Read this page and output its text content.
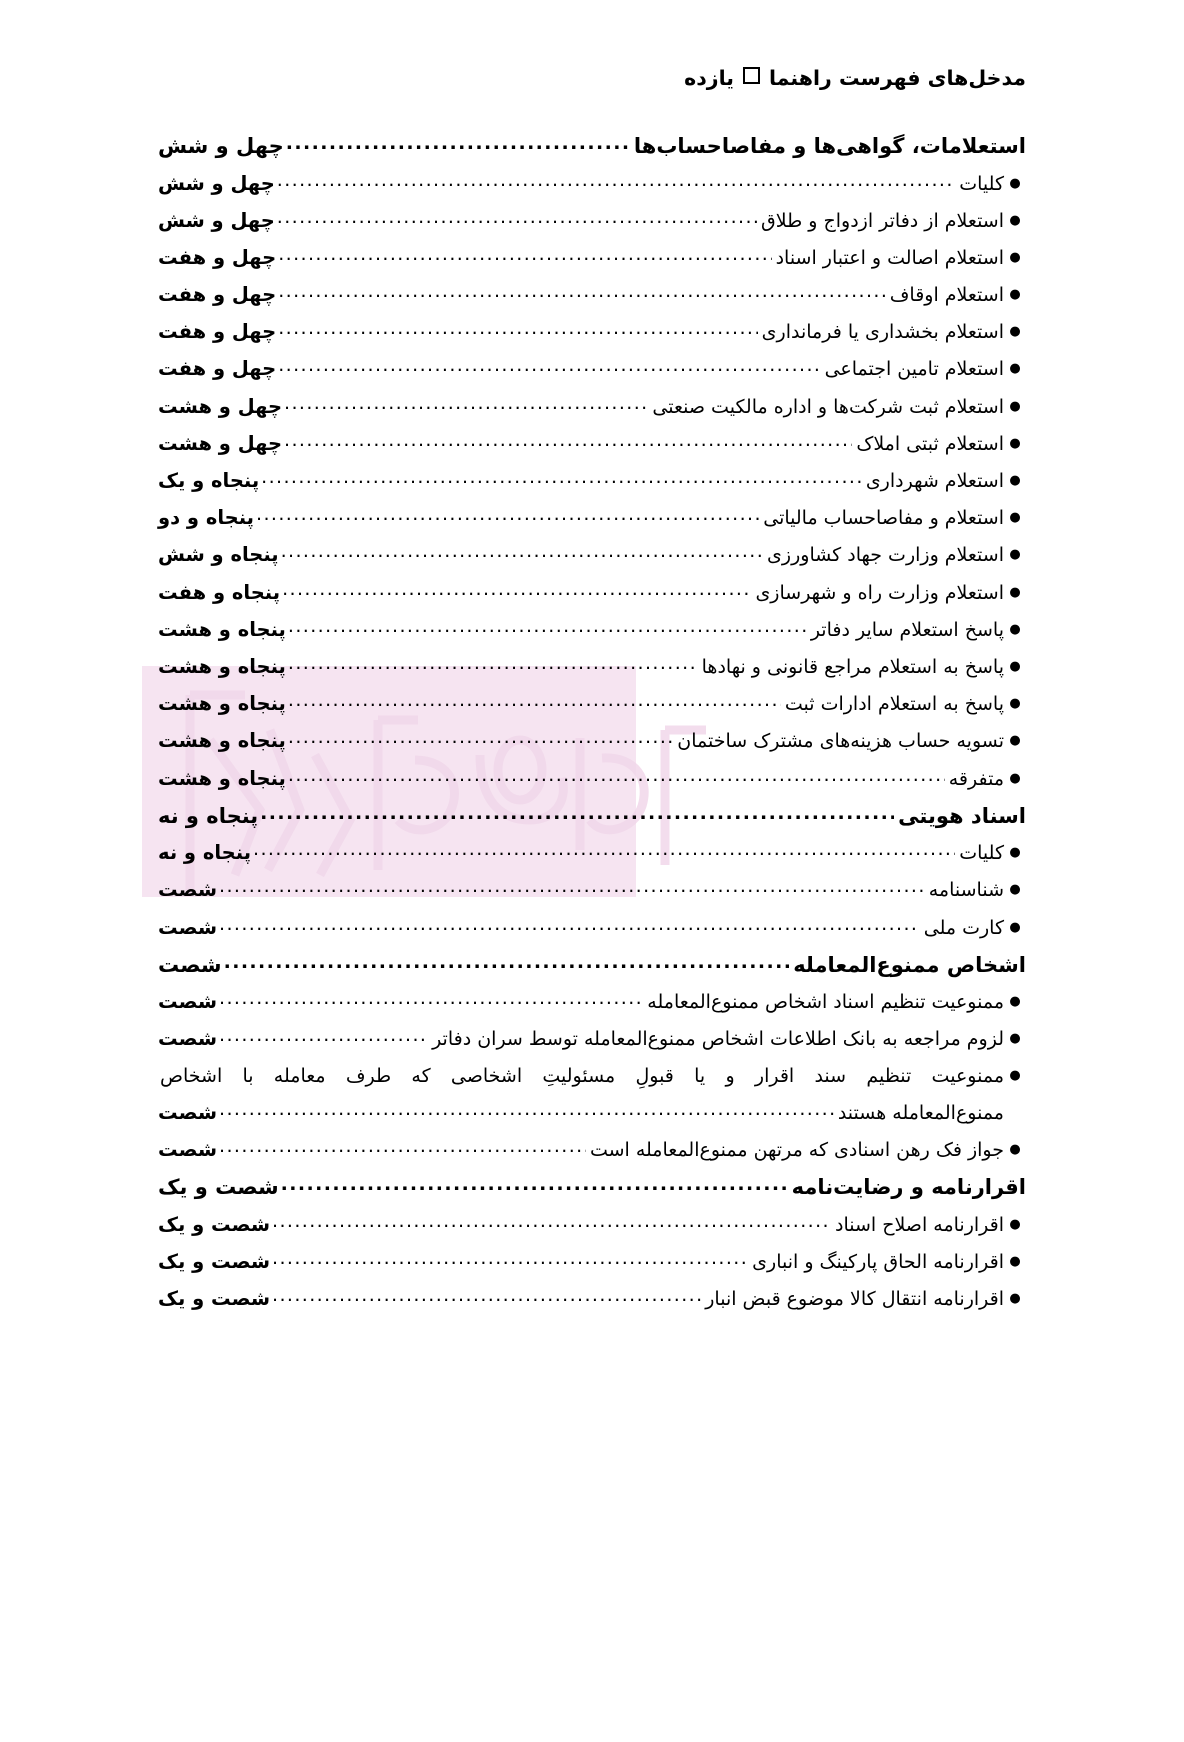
مدخل‌های فهرست راهنما
یازده
استعلامات، گواهی‌ها و مفاصاحساب‌ها
.....
چهل و شش
●
کلیات
.....
چهل و شش
●
استعلام از دفاتر ازدواج و طلاق
.....
چهل و شش
●
استعلام اصالت و اعتبار اسناد
.....
چهل و هفت
●
استعلام اوقاف
.....
چهل و هفت
●
استعلام بخشداری یا فرمانداری
.....
چهل و هفت
●
استعلام تامین اجتماعی
.....
چهل و هفت
●
استعلام ثبت شرکت‌ها و اداره مالکیت صنعتی
.....
چهل و هشت
●
استعلام ثبتی املاک
.....
چهل و هشت
●
استعلام شهرداری
.....
پنجاه و یک
●
استعلام و مفاصاحساب مالیاتی
.....
پنجاه و دو
●
استعلام وزارت جهاد کشاورزی
.....
پنجاه و شش
●
استعلام وزارت راه و شهرسازی
.....
پنجاه و هفت
●
پاسخ استعلام سایر دفاتر
.....
پنجاه و هشت
●
پاسخ به استعلام مراجع قانونی و نهادها
.....
پنجاه و هشت
●
پاسخ به استعلام ادارات ثبت
.....
پنجاه و هشت
●
تسویه حساب هزینه‌های مشترک ساختمان
.....
پنجاه و هشت
●
متفرقه
.....
پنجاه و هشت
اسناد هویتی
.....
پنجاه و نه
●
کلیات
.....
پنجاه و نه
●
شناسنامه
.....
شصت
●
کارت ملی
.....
شصت
اشخاص ممنوع‌المعامله
.....
شصت
●
ممنوعیت تنظیم اسناد اشخاص ممنوع‌المعامله
.....
شصت
●
لزوم مراجعه به بانک اطلاعات اشخاص ممنوع‌المعامله توسط سران دفاتر
.....
شصت
●
ممنوعیت تنظیم سند اقرار و یا قبولِ مسئولیتِ اشخاصی که طرف معامله با اشخاص
ممنوع‌المعامله هستند
.....
شصت
●
جواز فک رهن اسنادی که مرتهن ممنوع‌المعامله است
.....
شصت
اقرارنامه و رضایت‌نامه
.....
شصت و یک
●
اقرارنامه اصلاح اسناد
.....
شصت و یک
●
اقرارنامه الحاق پارکینگ و انباری
.....
شصت و یک
●
اقرارنامه انتقال کالا موضوع قبض انبار
.....
شصت و یک
